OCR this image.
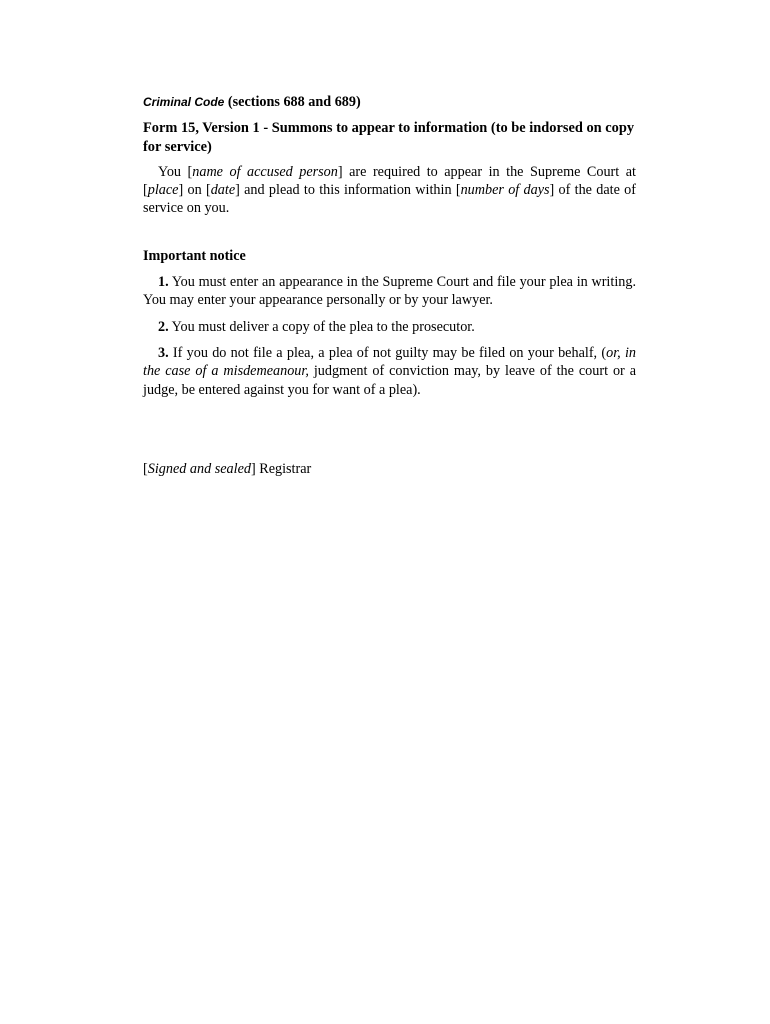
Criminal Code (sections 688 and 689)

Form 15, Version 1 - Summons to appear to information (to be indorsed on copy for service)

You [name of accused person] are required to appear in the Supreme Court at [place] on [date] and plead to this information within [number of days] of the date of service on you.

Important notice

1. You must enter an appearance in the Supreme Court and file your plea in writing. You may enter your appearance personally or by your lawyer.

2. You must deliver a copy of the plea to the prosecutor.

3. If you do not file a plea, a plea of not guilty may be filed on your behalf, (or, in the case of a misdemeanour, judgment of conviction may, by leave of the court or a judge, be entered against you for want of a plea).

[Signed and sealed] Registrar
